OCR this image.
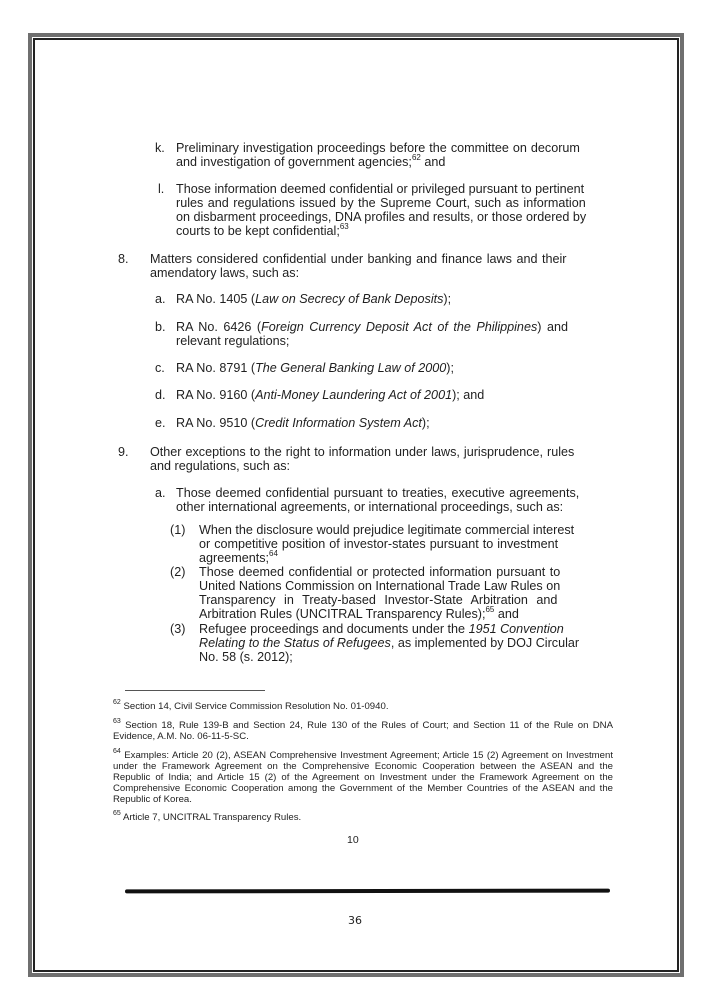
k. Preliminary investigation proceedings before the committee on decorum
and investigation of government agencies;$^{62}$ and
l. Those information deemed confidential or privileged pursuant to pertinent
rules and regulations issued by the Supreme Court, such as information
on disbarment proceedings, DNA profiles and results, or those ordered by
courts to be kept confidential;$^{63}$
8. Matters considered confidential under banking and finance laws and their
amendatory laws, such as:
a. RA No. 1405 (Law on Secrecy of Bank Deposits);
b. RA No. 6426 (Foreign Currency Deposit Act of the Philippines) and
relevant regulations;
c. RA No. 8791 (The General Banking Law of 2000);
d. RA No. 9160 (Anti-Money Laundering Act of 2001); and
e. RA No. 9510 (Credit Information System Act);
9. Other exceptions to the right to information under laws, jurisprudence, rules
and regulations, such as:
a. Those deemed confidential pursuant to treaties, executive agreements,
other international agreements, or international proceedings, such as:
(1) When the disclosure would prejudice legitimate commercial interest
or competitive position of investor-states pursuant to investment
agreements;$^{64}$
(2) Those deemed confidential or protected information pursuant to
United Nations Commission on International Trade Law Rules on
Transparency in Treaty-based Investor-State Arbitration and
Arbitration Rules (UNCITRAL Transparency Rules);$^{65}$ and
(3) Refugee proceedings and documents under the 1951 Convention
Relating to the Status of Refugees, as implemented by DOJ Circular
No. 58 (s. 2012);
$^{62}$ Section 14, Civil Service Commission Resolution No. 01-0940.
$^{63}$ Section 18, Rule 139-B and Section 24, Rule 130 of the Rules of Court; and Section 11 of the Rule on DNA Evidence, A.M. No. 06-11-5-SC.
$^{64}$ Examples: Article 20 (2), ASEAN Comprehensive Investment Agreement; Article 15 (2) Agreement on Investment under the Framework Agreement on the Comprehensive Economic Cooperation between the ASEAN and the Republic of India; and Article 15 (2) of the Agreement on Investment under the Framework Agreement on the Comprehensive Economic Cooperation among the Government of the Member Countries of the ASEAN and the Republic of Korea.
$^{65}$ Article 7, UNCITRAL Transparency Rules.
10
36
